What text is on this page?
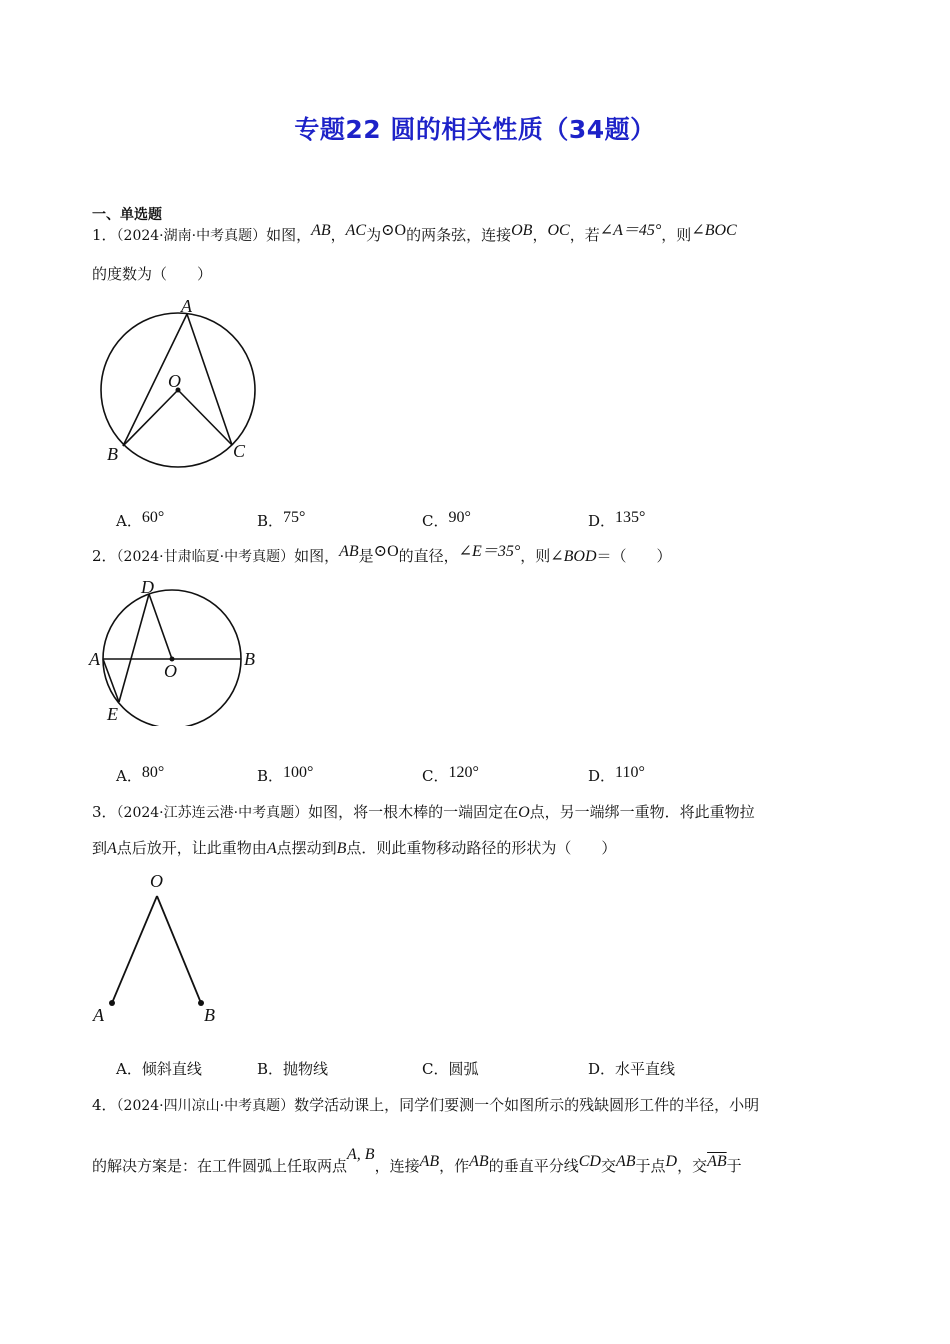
专题22 圆的相关性质（34题）
一、单选题
1．（2024·湖南·中考真题）如图，AB，AC为⊙O的两条弦，连接OB，OC，若∠A＝45°，则∠BOC
的度数为（　　）
A
O
B	C
A．60°	B．75°	C．90°	D．135°
2．（2024·甘肃临夏·中考真题）如图，AB是⊙O的直径，∠E＝35°，则∠BOD＝（　　）
D
A	B
O
E
A．80°	B．100°	C．120°	D．110°
3．（2024·江苏连云港·中考真题）如图，将一根木棒的一端固定在O点，另一端绑一重物．将此重物拉
到A点后放开，让此重物由A点摆动到B点．则此重物移动路径的形状为（　　）
O
A	B
A．倾斜直线	B．抛物线	C．圆弧	D．水平直线
4．（2024·四川凉山·中考真题）数学活动课上，同学们要测一个如图所示的残缺圆形工件的半径，小明
的解决方案是：在工件圆弧上任取两点A, B，连接AB，作AB的垂直平分线CD交AB于点D，交$\overline{AB}$于
